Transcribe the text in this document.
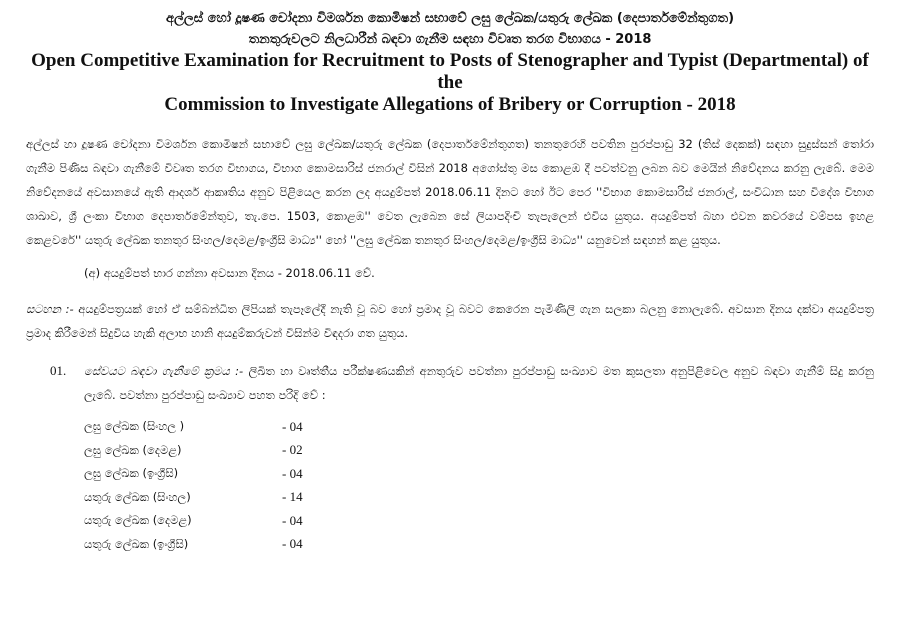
අල්ලස් හෝ දූෂණ චෝදනා විමර්ශන කොමිෂන් සභාවේ ලඝු ලේඛක/යතුරු ලේඛක (දෙපාර්තමේන්තුගත)
තනතුරුවලට නිලධාරීන් බඳවා ගැනීම සඳහා විවෘත තරග විභාගය - 2018
Open Competitive Examination for Recruitment to Posts of Stenographer and Typist (Departmental) of the
Commission to Investigate Allegations of Bribery or Corruption - 2018

අල්ලස් හා දූෂණ චෝදනා විමර්ශන කොමිෂන් සභාවේ ලඝු ලේඛක/යතුරු ලේඛක (දෙපාර්තමේන්තුගත) තනතුරෙහි පවතින පුරප්පාඩු 32 (තිස් දෙකක්) සඳහා සුදුස්සන් තෝරා ගැනීම පිණිස බඳවා ගැනීමේ විවෘත තරග විභාගය, විභාග කොමසාරිස් ජනරාල් විසින් 2018 අගෝස්තු මස කොළඹ දී පවත්වනු ලබන බව මෙයින් නිවේදනය කරනු ලැබේ. මෙම නිවේදනයේ අවසානයේ ඇති ආදර්ශ ආකෘතිය අනුව පිළියෙල කරන ලද අයදුම්පත් 2018.06.11 දිනට හෝ ඊට පෙර ''විභාග කොමසාරිස් ජනරාල්, සංවිධාන සහ විදේශ විභාග ශාඛාව, ශ්‍රී ලංකා විභාග දෙපාර්තමේන්තුව, තැ.පෙ. 1503, කොළඹ'' වෙත ලැබෙන සේ ලියාපදිංචි තැපැලෙන් එවිය යුතුය. අයදුම්පත් බහා එවන කවරයේ වම්පස ඉහළ කෙළවරේ'' යතුරු ලේඛක තනතුර සිංහල/දෙමළ/ඉංග්‍රීසි මාධ්‍ය'' හෝ ''ලඝු ලේඛක තනතුර සිංහල/දෙමළ/ඉංග්‍රීසි මාධ්‍ය'' යනුවෙන් සඳහන් කළ යුතුය.

(අ) අයදුම්පත් භාර ගන්නා අවසාන දිනය - 2018.06.11 වේ.

සටහන :- අයදුම්පත්‍රයක් හෝ ඒ සම්බන්ධිත ලිපියක් තැපෑලේදී නැති වූ බව හෝ ප්‍රමාද වූ බවට කෙරෙන පැමිණිලි ගැන සලකා බලනු නොලැබේ. අවසාන දිනය දක්වා අයදුම්පත්‍ර ප්‍රමාද කිරීමෙන් සිදුවිය හැකි අලාභ හානි අයදුම්කරුවන් විසින්ම විඳදරා ගත යුතුය.

01.	සේවයට බඳවා ගැනීමේ ක්‍රමය :- ලිඛිත හා වෘත්තීය පරීක්ෂණයකින් අනතුරුව පවත්නා පුරප්පාඩු සංඛ්‍යාව මත කුසලතා අනුපිළිවෙල අනුව බඳවා ගැනීම් සිදු කරනු ලැබේ. පවත්නා පුරප්පාඩු සංඛ්‍යාව පහත පරිදි වේ :
ලඝු ලේඛක (සිංහල )	- 04
ලඝු ලේඛක (දෙමළ)	- 02
ලඝු ලේඛක (ඉංග්‍රීසි)	- 04
යතුරු ලේඛක (සිංහල)	- 14
යතුරු ලේඛක (දෙමළ)	- 04
යතුරු ලේඛක (ඉංග්‍රීසි)	- 04
